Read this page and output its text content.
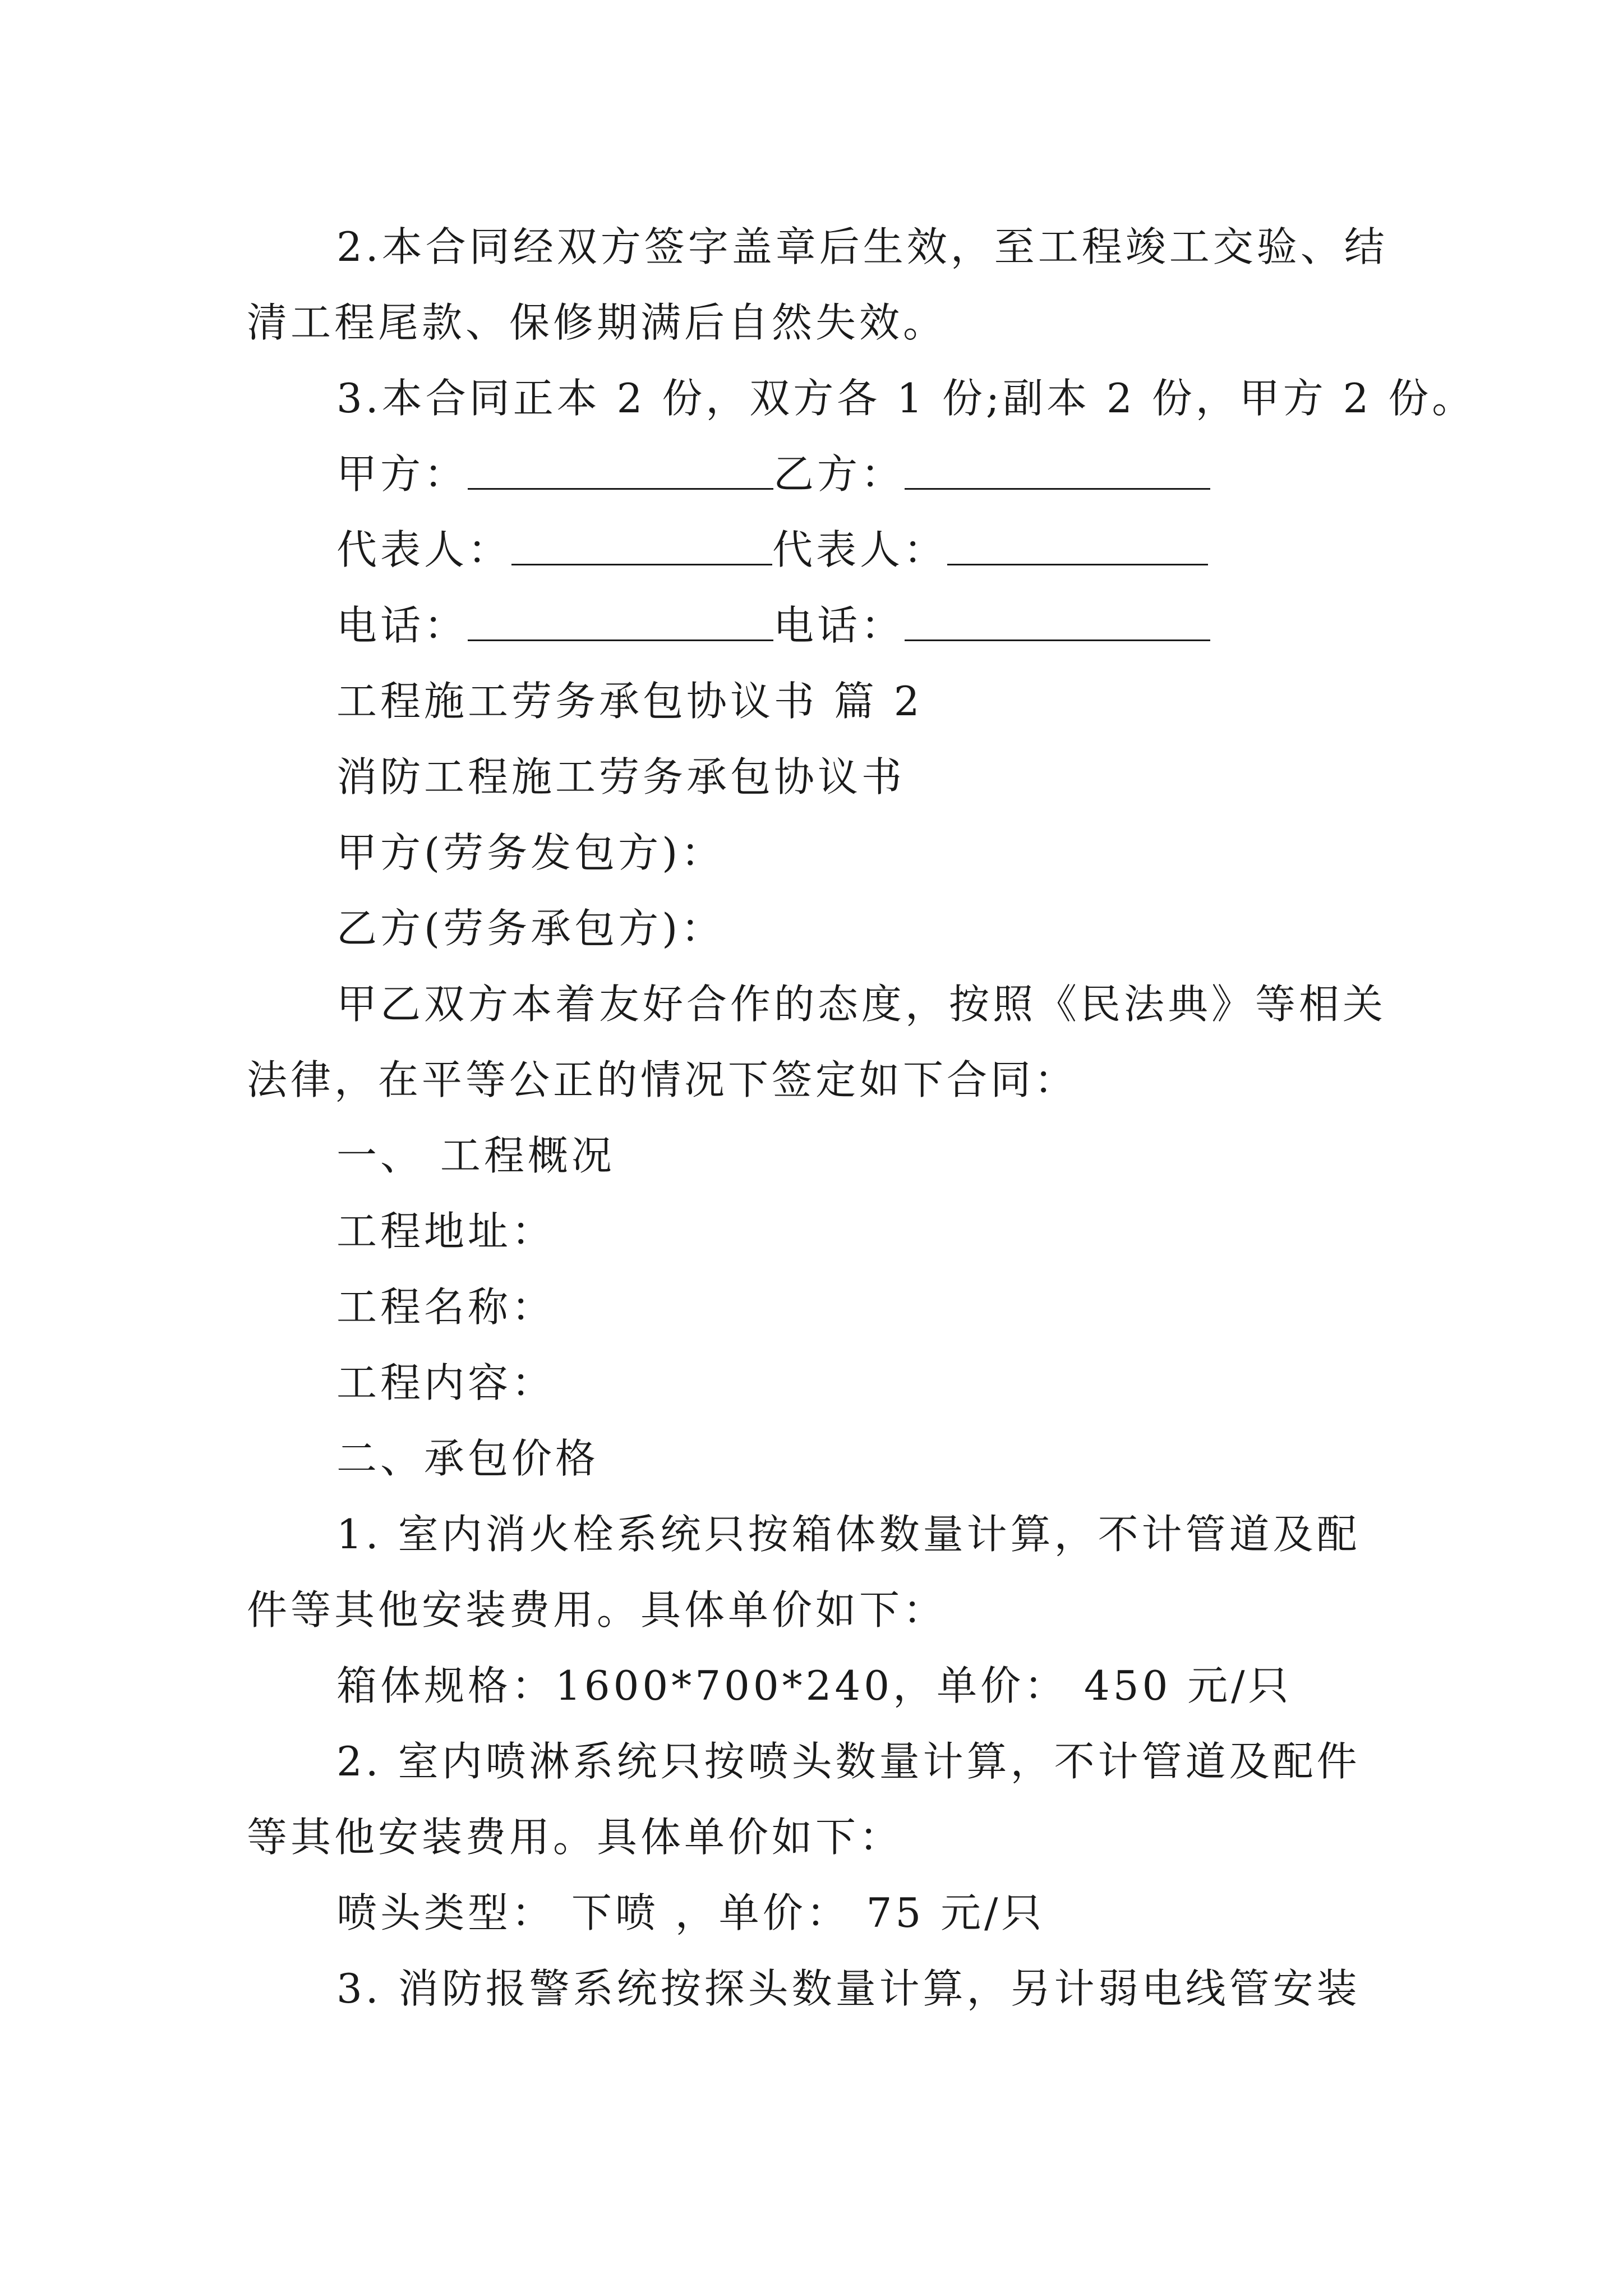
2.本合同经双方签字盖章后生效，至工程竣工交验、结
清工程尾款、保修期满后自然失效。
3.本合同正本 2 份，双方各 1 份;副本 2 份，甲方 2 份。
甲方：	乙方：
代表人：	代表人：
电话：	电话：
工程施工劳务承包协议书 篇 2
消防工程施工劳务承包协议书
甲方(劳务发包方)：
乙方(劳务承包方)：
甲乙双方本着友好合作的态度，按照《民法典》等相关
法律，在平等公正的情况下签定如下合同：
一、 工程概况
工程地址：
工程名称：
工程内容：
二、承包价格
1. 室内消火栓系统只按箱体数量计算，不计管道及配
件等其他安装费用。具体单价如下：
箱体规格：1600*700*240，单价： 450 元/只
2. 室内喷淋系统只按喷头数量计算，不计管道及配件
等其他安装费用。具体单价如下：
喷头类型： 下喷 ，单价： 75 元/只
3. 消防报警系统按探头数量计算，另计弱电线管安装
